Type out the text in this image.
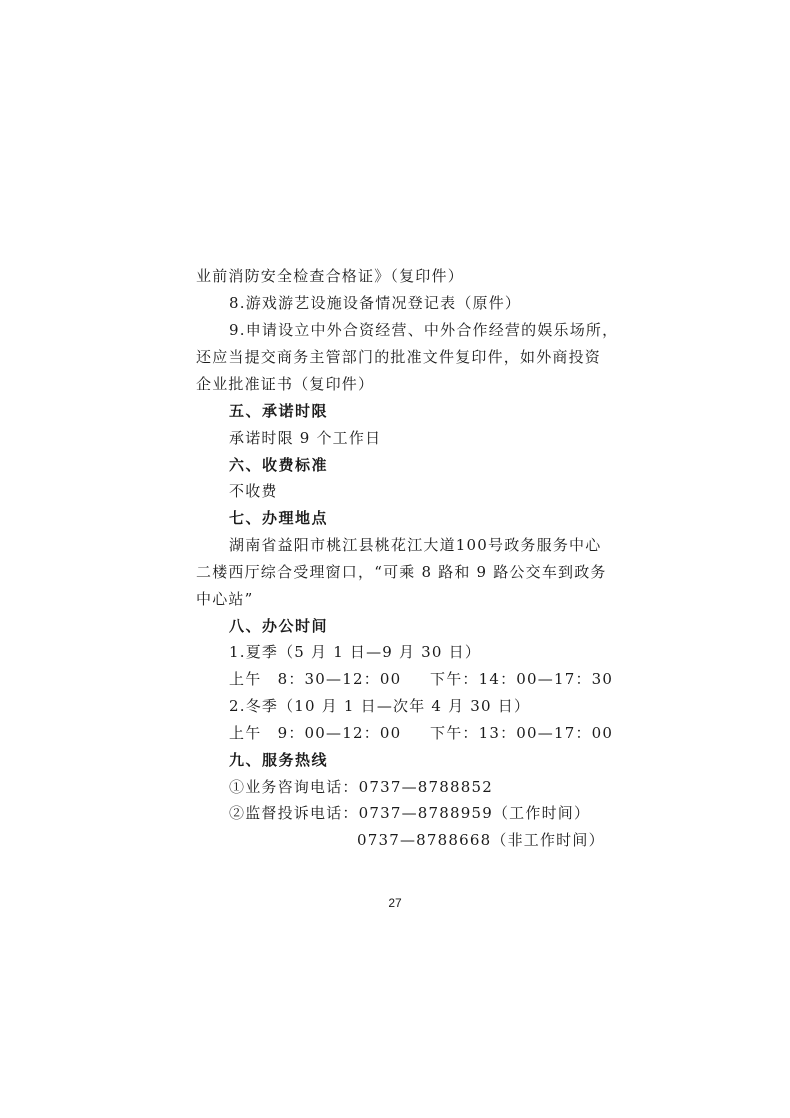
业前消防安全检查合格证》（复印件）
8.游戏游艺设施设备情况登记表（原件）
9.申请设立中外合资经营、中外合作经营的娱乐场所，
还应当提交商务主管部门的批准文件复印件，如外商投资
企业批准证书（复印件）
五、承诺时限
承诺时限 9 个工作日
六、收费标准
不收费
七、办理地点
湖南省益阳市桃江县桃花江大道100号政务服务中心
二楼西厅综合受理窗口，“可乘 8 路和 9 路公交车到政务
中心站”
八、办公时间
1.夏季（5 月 1 日—9 月 30 日）
上午　8：30—12：00 下午：14：00—17：30
2.冬季（10 月 1 日—次年 4 月 30 日）
上午　9：00—12：00 下午：13：00—17：00
九、服务热线
①业务咨询电话：0737—8788852
②监督投诉电话：0737—8788959（工作时间）
0737—8788668（非工作时间）
27
